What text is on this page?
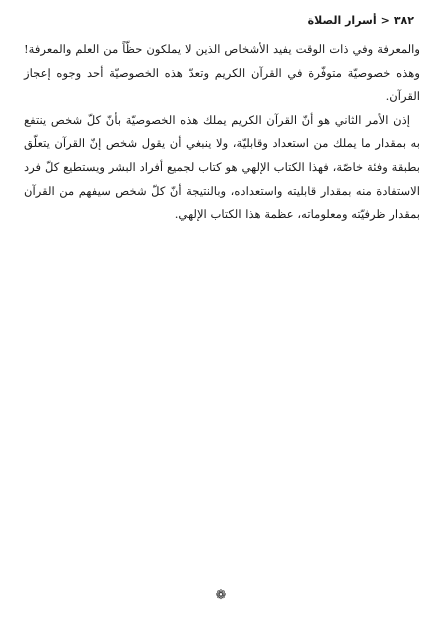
٣٨٢<أسرار الصلاة

والمعرفة وفي ذات الوقت يفيد الأشخاص الذين لا يملكون حظّاً من العلم والمعرفة! وهذه خصوصيّة متوفّرة في القرآن الكريم وتعدّ هذه الخصوصيّة أحد وجوه إعجاز القرآن.

إذن الأمر الثاني هو أنّ القرآن الكريم يملك هذه الخصوصيّة بأنّ كلّ شخص ينتفع به بمقدار ما يملك من استعداد وقابليّة، ولا ينبغي أن يقول شخص إنّ القرآن يتعلّق بطبقة وفئة خاصّة، فهذا الكتاب الإلهي هو كتاب لجميع أفراد البشر ويستطيع كلّ فرد الاستفادة منه بمقدار قابليته واستعداده، وبالنتيجة أنّ كلّ شخص سيفهم من القرآن بمقدار ظرفيّته ومعلوماته، عظمة هذا الكتاب الإلهي.

❁
